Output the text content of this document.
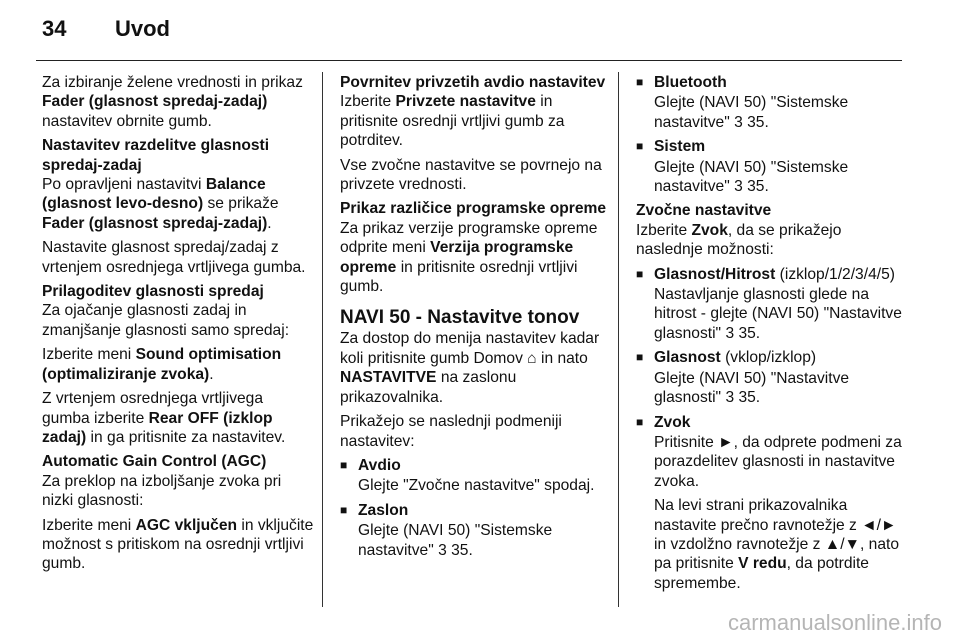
34 Uvod

Za izbiranje želene vrednosti in prikaz Fader (glasnost spredaj-zadaj) nastavitev obrnite gumb.

Nastavitev razdelitve glasnosti spredaj-zadaj

Po opravljeni nastavitvi Balance (glasnost levo-desno) se prikaže Fader (glasnost spredaj-zadaj).

Nastavite glasnost spredaj/zadaj z vrtenjem osrednjega vrtljivega gumba.

Prilagoditev glasnosti spredaj

Za ojačanje glasnosti zadaj in zmanjšanje glasnosti samo spredaj:

Izberite meni Sound optimisation (optimaliziranje zvoka).

Z vrtenjem osrednjega vrtljivega gumba izberite Rear OFF (izklop zadaj) in ga pritisnite za nastavitev.

Automatic Gain Control (AGC)

Za preklop na izboljšanje zvoka pri nizki glasnosti:

Izberite meni AGC vključen in vključite možnost s pritiskom na osrednji vrtljivi gumb.

Povrnitev privzetih avdio nastavitev

Izberite Privzete nastavitve in pritisnite osrednji vrtljivi gumb za potrditev.

Vse zvočne nastavitve se povrnejo na privzete vrednosti.

Prikaz različice programske opreme

Za prikaz verzije programske opreme odprite meni Verzija programske opreme in pritisnite osrednji vrtljivi gumb.

NAVI 50 - Nastavitve tonov

Za dostop do menija nastavitev kadar koli pritisnite gumb Domov ⌂ in nato NASTAVITVE na zaslonu prikazovalnika.

Prikažejo se naslednji podmeniji nastavitev:

■ Avdio

Glejte "Zvočne nastavitve" spodaj.

■ Zaslon

Glejte (NAVI 50) "Sistemske nastavitve" 3 35.

■ Bluetooth

Glejte (NAVI 50) "Sistemske nastavitve" 3 35.

■ Sistem

Glejte (NAVI 50) "Sistemske nastavitve" 3 35.

Zvočne nastavitve

Izberite Zvok, da se prikažejo naslednje možnosti:

■ Glasnost/Hitrost (izklop/1/2/3/4/5)

Nastavljanje glasnosti glede na hitrost - glejte (NAVI 50) "Nastavitve glasnosti" 3 35.

■ Glasnost (vklop/izklop)

Glejte (NAVI 50) "Nastavitve glasnosti" 3 35.

■ Zvok

Pritisnite ►, da odprete podmeni za porazdelitev glasnosti in nastavitve zvoka.

Na levi strani prikazovalnika nastavite prečno ravnotežje z ◄/► in vzdolžno ravnotežje z ▲/▼, nato pa pritisnite V redu, da potrdite spremembe.

carmanualsonline.info
